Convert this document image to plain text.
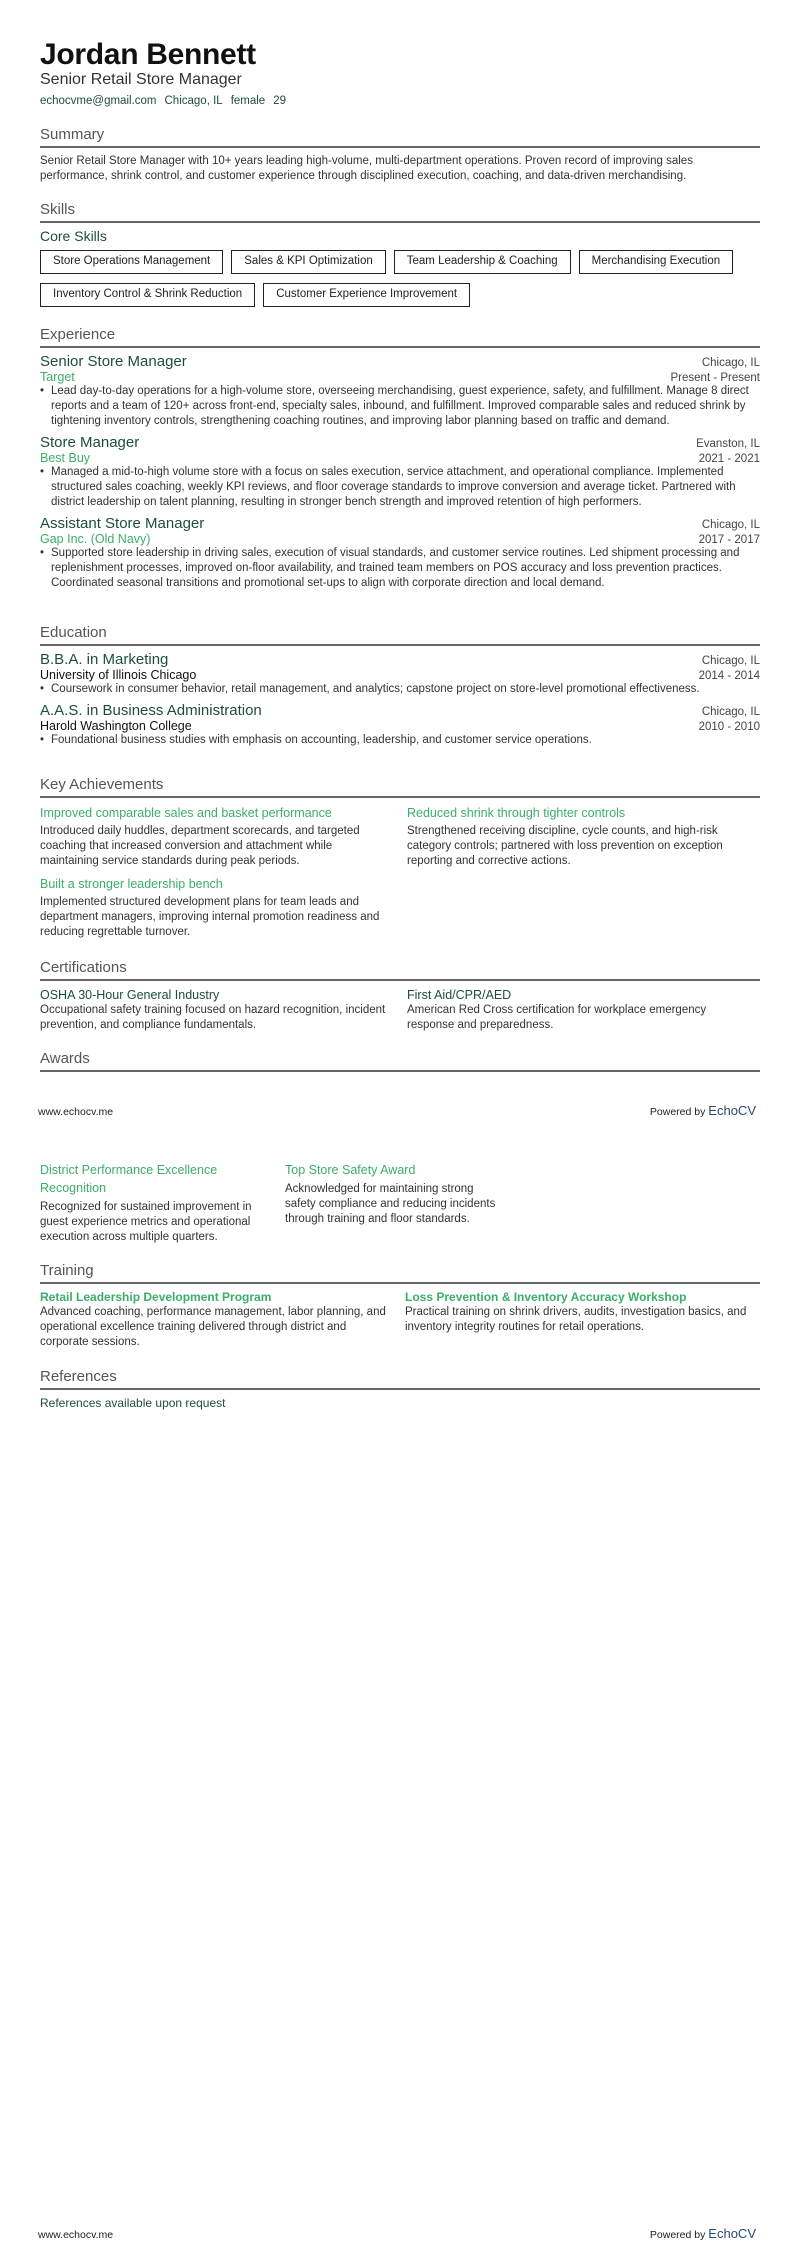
Jordan Bennett
Senior Retail Store Manager
echocvme@gmail.com Chicago, IL female 29
Summary
Senior Retail Store Manager with 10+ years leading high-volume, multi-department operations. Proven record of improving sales performance, shrink control, and customer experience through disciplined execution, coaching, and data-driven merchandising.
Skills
Core Skills
Store Operations Management	Sales & KPI Optimization	Team Leadership & Coaching	Merchandising Execution
Inventory Control & Shrink Reduction	Customer Experience Improvement
Experience
Senior Store Manager	Chicago, IL
Target	Present - Present
• Lead day-to-day operations for a high-volume store, overseeing merchandising, guest experience, safety, and fulfillment. Manage 8 direct reports and a team of 120+ across front-end, specialty sales, inbound, and fulfillment. Improved comparable sales and reduced shrink by tightening inventory controls, strengthening coaching routines, and improving labor planning based on traffic and demand.
Store Manager	Evanston, IL
Best Buy	2021 - 2021
• Managed a mid-to-high volume store with a focus on sales execution, service attachment, and operational compliance. Implemented structured sales coaching, weekly KPI reviews, and floor coverage standards to improve conversion and average ticket. Partnered with district leadership on talent planning, resulting in stronger bench strength and improved retention of high performers.
Assistant Store Manager	Chicago, IL
Gap Inc. (Old Navy)	2017 - 2017
• Supported store leadership in driving sales, execution of visual standards, and customer service routines. Led shipment processing and replenishment processes, improved on-floor availability, and trained team members on POS accuracy and loss prevention practices. Coordinated seasonal transitions and promotional set-ups to align with corporate direction and local demand.
Education
B.B.A. in Marketing	Chicago, IL
University of Illinois Chicago	2014 - 2014
• Coursework in consumer behavior, retail management, and analytics; capstone project on store-level promotional effectiveness.
A.A.S. in Business Administration	Chicago, IL
Harold Washington College	2010 - 2010
• Foundational business studies with emphasis on accounting, leadership, and customer service operations.
Key Achievements
Improved comparable sales and basket performance
Introduced daily huddles, department scorecards, and targeted coaching that increased conversion and attachment while maintaining service standards during peak periods.
Reduced shrink through tighter controls
Strengthened receiving discipline, cycle counts, and high-risk category controls; partnered with loss prevention on exception reporting and corrective actions.
Built a stronger leadership bench
Implemented structured development plans for team leads and department managers, improving internal promotion readiness and reducing regrettable turnover.
Certifications
OSHA 30-Hour General Industry
Occupational safety training focused on hazard recognition, incident prevention, and compliance fundamentals.
First Aid/CPR/AED
American Red Cross certification for workplace emergency response and preparedness.
Awards
www.echocv.me	Powered by EchoCV
District Performance Excellence Recognition
Recognized for sustained improvement in guest experience metrics and operational execution across multiple quarters.
Top Store Safety Award
Acknowledged for maintaining strong safety compliance and reducing incidents through training and floor standards.
Training
Retail Leadership Development Program
Advanced coaching, performance management, labor planning, and operational excellence training delivered through district and corporate sessions.
Loss Prevention & Inventory Accuracy Workshop
Practical training on shrink drivers, audits, investigation basics, and inventory integrity routines for retail operations.
References
References available upon request
www.echocv.me	Powered by EchoCV
